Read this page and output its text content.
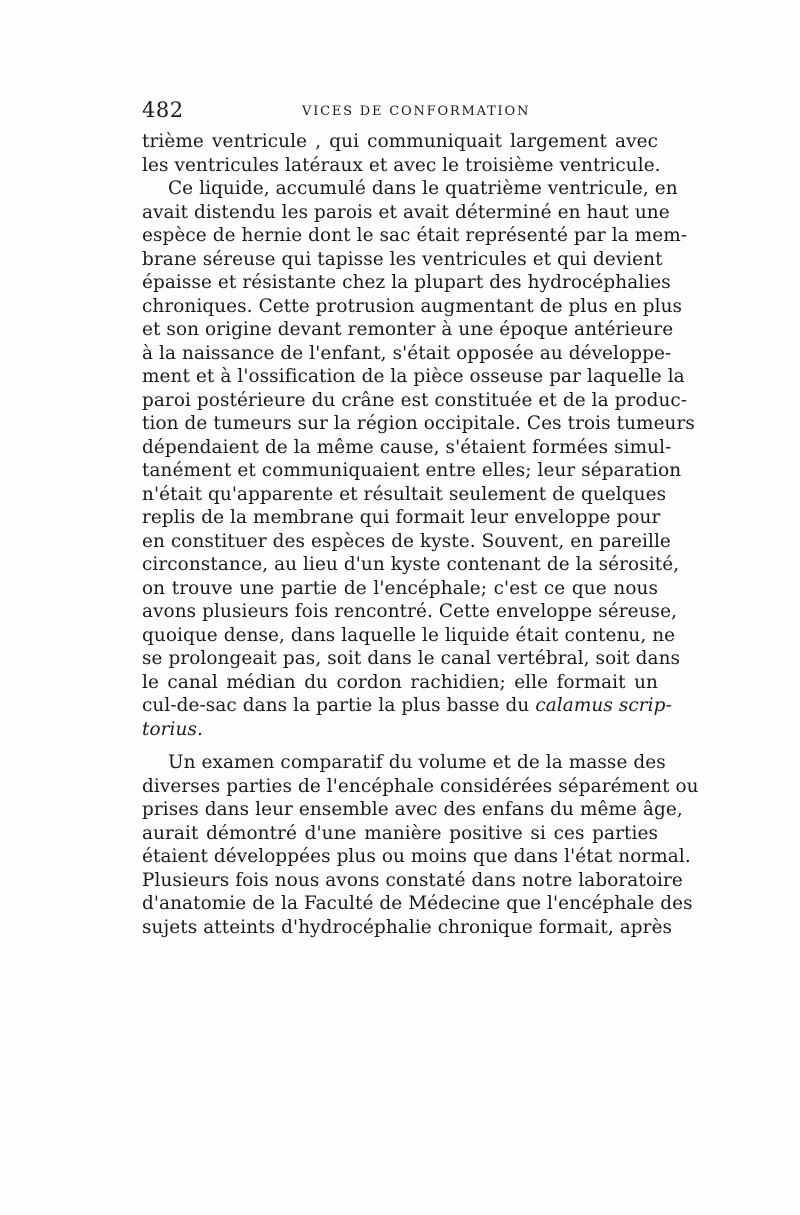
482	VICES DE CONFORMATION
trième ventricule , qui communiquait largement avec
les ventricules latéraux et avec le troisième ventricule.
Ce liquide, accumulé dans le quatrième ventricule, en
avait distendu les parois et avait déterminé en haut une
espèce de hernie dont le sac était représenté par la mem-
brane séreuse qui tapisse les ventricules et qui devient
épaisse et résistante chez la plupart des hydrocéphalies
chroniques. Cette protrusion augmentant de plus en plus
et son origine devant remonter à une époque antérieure
à la naissance de l'enfant, s'était opposée au développe-
ment et à l'ossification de la pièce osseuse par laquelle la
paroi postérieure du crâne est constituée et de la produc-
tion de tumeurs sur la région occipitale. Ces trois tumeurs
dépendaient de la même cause, s'étaient formées simul-
tanément et communiquaient entre elles; leur séparation
n'était qu'apparente et résultait seulement de quelques
replis de la membrane qui formait leur enveloppe pour
en constituer des espèces de kyste. Souvent, en pareille
circonstance, au lieu d'un kyste contenant de la sérosité,
on trouve une partie de l'encéphale; c'est ce que nous
avons plusieurs fois rencontré. Cette enveloppe séreuse,
quoique dense, dans laquelle le liquide était contenu, ne
se prolongeait pas, soit dans le canal vertébral, soit dans
le canal médian du cordon rachidien; elle formait un
cul-de-sac dans la partie la plus basse du calamus scrip-
torius.
Un examen comparatif du volume et de la masse des
diverses parties de l'encéphale considérées séparément ou
prises dans leur ensemble avec des enfans du même âge,
aurait démontré d'une manière positive si ces parties
étaient développées plus ou moins que dans l'état normal.
Plusieurs fois nous avons constaté dans notre laboratoire
d'anatomie de la Faculté de Médecine que l'encéphale des
sujets atteints d'hydrocéphalie chronique formait, après
